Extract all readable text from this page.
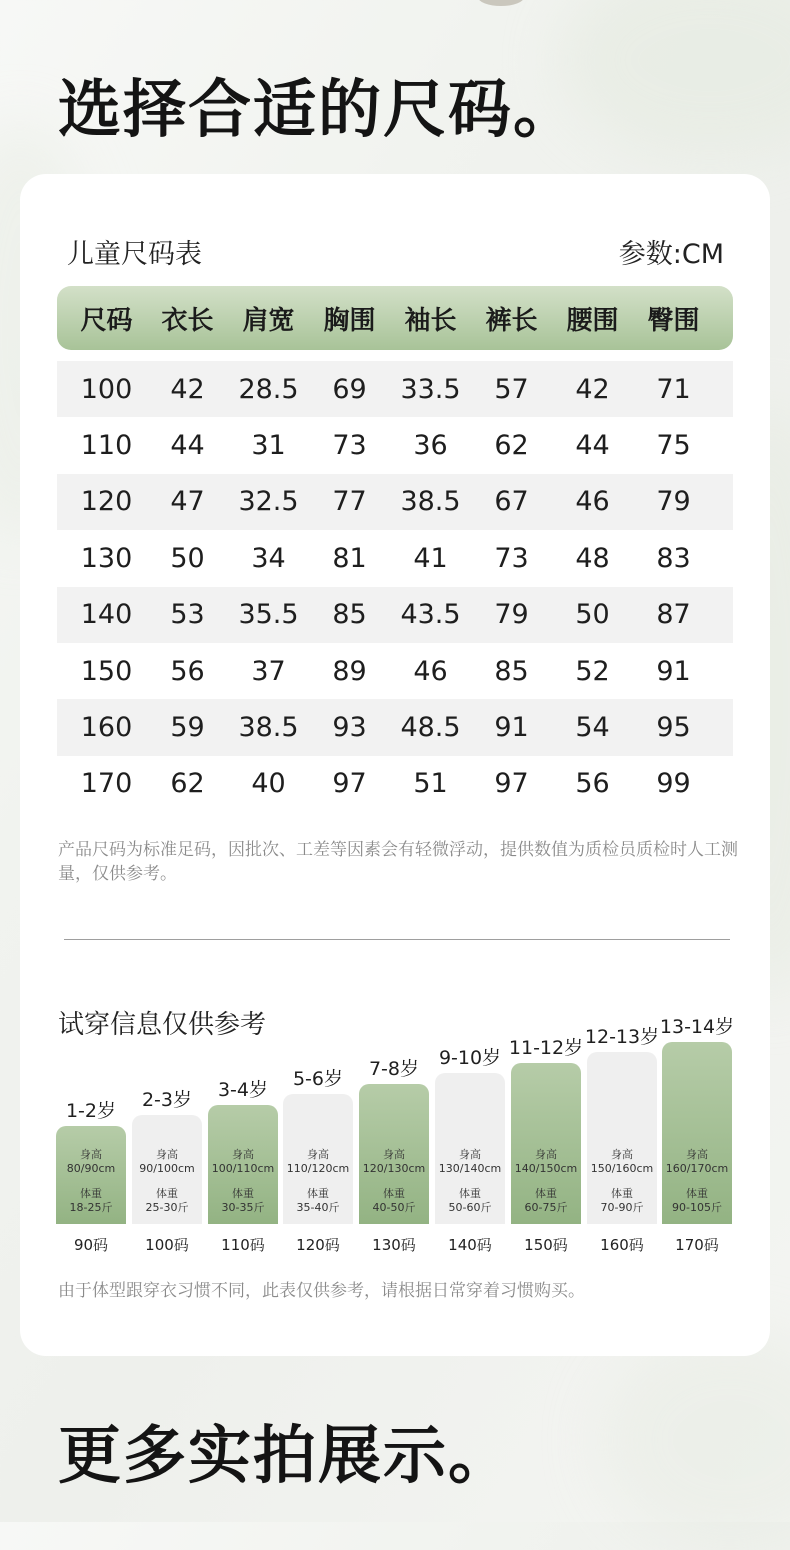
选择合适的尺码。
儿童尺码表	参数:CM
尺码	衣长	肩宽	胸围	袖长	裤长	腰围	臀围
100	42	28.5	69	33.5	57	42	71
110	44	31	73	36	62	44	75
120	47	32.5	77	38.5	67	46	79
130	50	34	81	41	73	48	83
140	53	35.5	85	43.5	79	50	87
150	56	37	89	46	85	52	91
160	59	38.5	93	48.5	91	54	95
170	62	40	97	51	97	56	99
产品尺码为标准足码，因批次、工差等因素会有轻微浮动，提供数值为质检员质检时人工测量，仅供参考。
试穿信息仅供参考
1-2岁
身高
80/90cm
体重
18-25斤
90码
2-3岁
身高
90/100cm
体重
25-30斤
100码
3-4岁
身高
100/110cm
体重
30-35斤
110码
5-6岁
身高
110/120cm
体重
35-40斤
120码
7-8岁
身高
120/130cm
体重
40-50斤
130码
9-10岁
身高
130/140cm
体重
50-60斤
140码
11-12岁
身高
140/150cm
体重
60-75斤
150码
12-13岁
身高
150/160cm
体重
70-90斤
160码
13-14岁
身高
160/170cm
体重
90-105斤
170码
由于体型跟穿衣习惯不同，此表仅供参考，请根据日常穿着习惯购买。
更多实拍展示。
